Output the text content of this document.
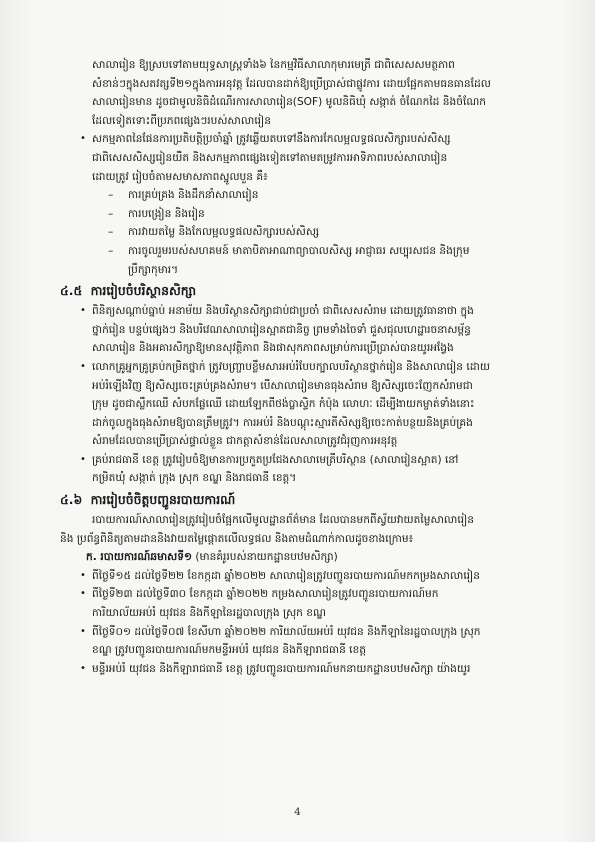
សាលារៀន ឱ្យស្របទៅតាមយុទ្ធសាស្ត្រទាំង៦ នៃកម្មវិធីសាលាកុមារមេត្រី ជាពិសេសសមត្ថភាព

សំខាន់ៗក្នុងសតវត្សទី២១ក្នុងការអនុវត្ត ដែលបានដាក់ឱ្យប្រើប្រាស់ជាផ្លូវការ ដោយផ្អែកតាមធនធានដែល

សាលារៀនមាន ដូចជាមូលនិធិដំណើរការសាលារៀន(SOF) មូលនិធិឃុំ សង្កាត់ ចំណែកដៃ និងចំណែក

ដែលទៀតទោះពីប្រភពផ្សេងៗរបស់សាលារៀន

• សកម្មភាពនៃផែនការប្រតិបត្តិប្រចាំឆ្នាំ ត្រូវឆ្លើយតបទៅនឹងការកែលម្អលទ្ធផលសិក្សារបស់សិស្ស

ជាពិសេសសិស្សរៀនយឺត និងសកម្មភាពផ្សេងទៀតទៅតាមតម្រូវការអាទិភាពរបស់សាលារៀន

ដោយត្រូវ រៀបចំតាមសមាសភាពស្នូលបួន គឺ៖

– ការគ្រប់គ្រង និងដឹកនាំសាលារៀន

– ការបង្រៀន និងរៀន

– ការវាយតម្លៃ និងកែលម្អលទ្ធផលសិក្សារបស់សិស្ស

– ការចូលរួមរបស់សហគមន៍ មាតាបិតាអាណាព្យាបាលសិស្ស អាជ្ញាធរ សប្បុរសជន និងក្រុម

ប្រឹក្សាកុមារ។

៤.៥ ការរៀបចំបរិស្ថានសិក្សា
• ពិនិត្យសណ្ដាប់ធ្នាប់ អនាម័យ និងបរិស្ថានសិក្សាជាប់ជាប្រចាំ ជាពិសេសសំរាម ដោយត្រូវធានាថា ក្នុង

ថ្នាក់រៀន បន្ទប់ផ្សេងៗ និងបរិវេណសាលារៀនស្អាតជានិច្ច ព្រមទាំងចៃទាំ ជួសជុលហេដ្ឋារចនាសម្ព័ន្ធ

សាលារៀន និងអគារសិក្សាឱ្យមានសុវត្ថិភាព និងផាសុកភាពសម្រាប់ការប្រើប្រាស់បានយូរអង្វែង

• លោកគ្រូអ្នកគ្រូគ្រប់កម្រិតថ្នាក់ ត្រូវបញ្ច្រាបខ្លឹមសារអប់រំបែបក្បាលបរិស្ថានថ្នាក់រៀន និងសាលារៀន ដោយ

អប់រំឡើងវិញ ឱ្យសិស្សចេះគ្រប់គ្រងសំរាម។ បើសាលារៀនមានធុងសំរាម ឱ្យសិស្សចេះញែកសំរាមជា

ក្រុម ដូចជាស្លឹកឈើ សំបកផ្លែឈើ ដោយឡែកពីថង់ប្លាស្ទិក កំប៉ុង លោហៈ ដើម្បីងាយកម្ចាត់ទាំងនោះ

ដាក់ចូលក្នុងធុងសំរាមឱ្យបានត្រឹមត្រូវ។ ការអប់រំ និងបណ្ដុះស្មារតីសិស្សឱ្យចេះកាត់បន្ថយនិងគ្រប់គ្រង

សំរាមដែលបានប្រើប្រាស់ផ្ទាល់ខ្លួន ជាកត្តាសំខាន់ដែលសាលាត្រូវជំរុញការអនុវត្ត

• គ្រប់រាជធានី ខេត្ត ត្រូវរៀបចំឱ្យមានការប្រកួតប្រជែងសាលាមេត្រីបរិស្ថាន (សាលារៀនស្អាត) នៅ

កម្រិតឃុំ សង្កាត់ ក្រុង ស្រុក ខណ្ឌ និងរាជធានី ខេត្ត។

៤.៦ ការរៀបចំចិត្តបញ្ជូនរបាយការណ៍

របាយការណ៍សាលារៀនត្រូវរៀបចំផ្អែកលើមូលដ្ឋានព័ត៌មាន ដែលបានមកពីស្វ័យវាយតម្លៃសាលារៀន

និង ប្រព័ន្ធពិនិត្យតាមដាននិងវាយតម្លៃផ្តោតលើលទ្ធផល និងតាមដំណាក់កាលដូចខាងក្រោម៖

ក. របាយការណ៍ឆមាសទី១ (មានគំរូរបស់នាយកដ្ឋានបឋមសិក្សា)
• ពីថ្ងៃទី១៥ ដល់ថ្ងៃទី២២ ខែកក្កដា ឆ្នាំ២០២២ សាលារៀនត្រូវបញ្ជូនរបាយការណ៍មកកម្រងសាលារៀន

• ពីថ្ងៃទី២៣ ដល់ថ្ងៃទី៣០ ខែកក្កដា ឆ្នាំ២០២២ កម្រងសាលារៀនត្រូវបញ្ជូនរបាយការណ៍មក

ការិយាល័យអប់រំ យុវជន និងកីឡានៃរដ្ឋបាលក្រុង ស្រុក ខណ្ឌ

• ពីថ្ងៃទី០១ ដល់ថ្ងៃទី០៧ ខែសីហា ឆ្នាំ២០២២ ការិយាល័យអប់រំ យុវជន និងកីឡានៃរដ្ឋបាលក្រុង ស្រុក

ខណ្ឌ ត្រូវបញ្ជូនរបាយការណ៍មកមន្ទីរអប់រំ យុវជន និងកីឡារាជធានី ខេត្ត

• មន្ទីរអប់រំ យុវជន និងកីឡារាជធានី ខេត្ត ត្រូវបញ្ជូនរបាយការណ៍មកនាយកដ្ឋានបឋមសិក្សា យ៉ាងយូរ

4
